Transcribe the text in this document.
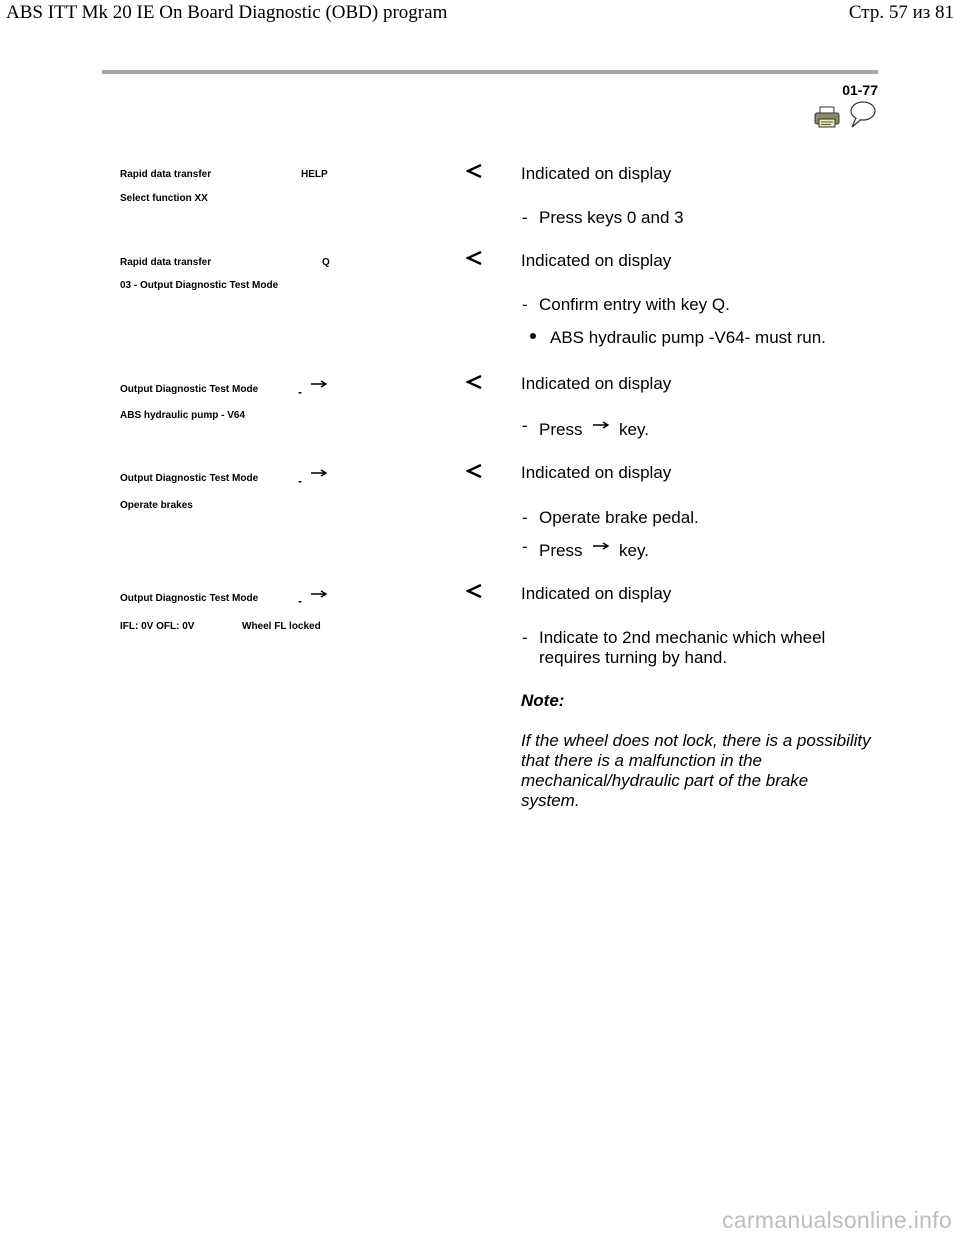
ABS ITT Mk 20 IE On Board Diagnostic (OBD) program	Стр. 57 из 81
01-77
Rapid data transfer	HELP
Select function XX
Indicated on display
- Press keys 0 and 3
Rapid data transfer	Q
03 - Output Diagnostic Test Mode
Indicated on display
- Confirm entry with key Q.
ABS hydraulic pump -V64- must run.
Output Diagnostic Test Mode	-
ABS hydraulic pump - V64
Indicated on display
- Press key.
Output Diagnostic Test Mode	-
Operate brakes
Indicated on display
- Operate brake pedal.
- Press key.
Output Diagnostic Test Mode	-
IFL: 0V OFL: 0V	Wheel FL locked
Indicated on display
- Indicate to 2nd mechanic which wheel
requires turning by hand.
Note:
If the wheel does not lock, there is a possibility that there is a malfunction in the mechanical/hydraulic part of the brake system.
carmanualsonline.info
